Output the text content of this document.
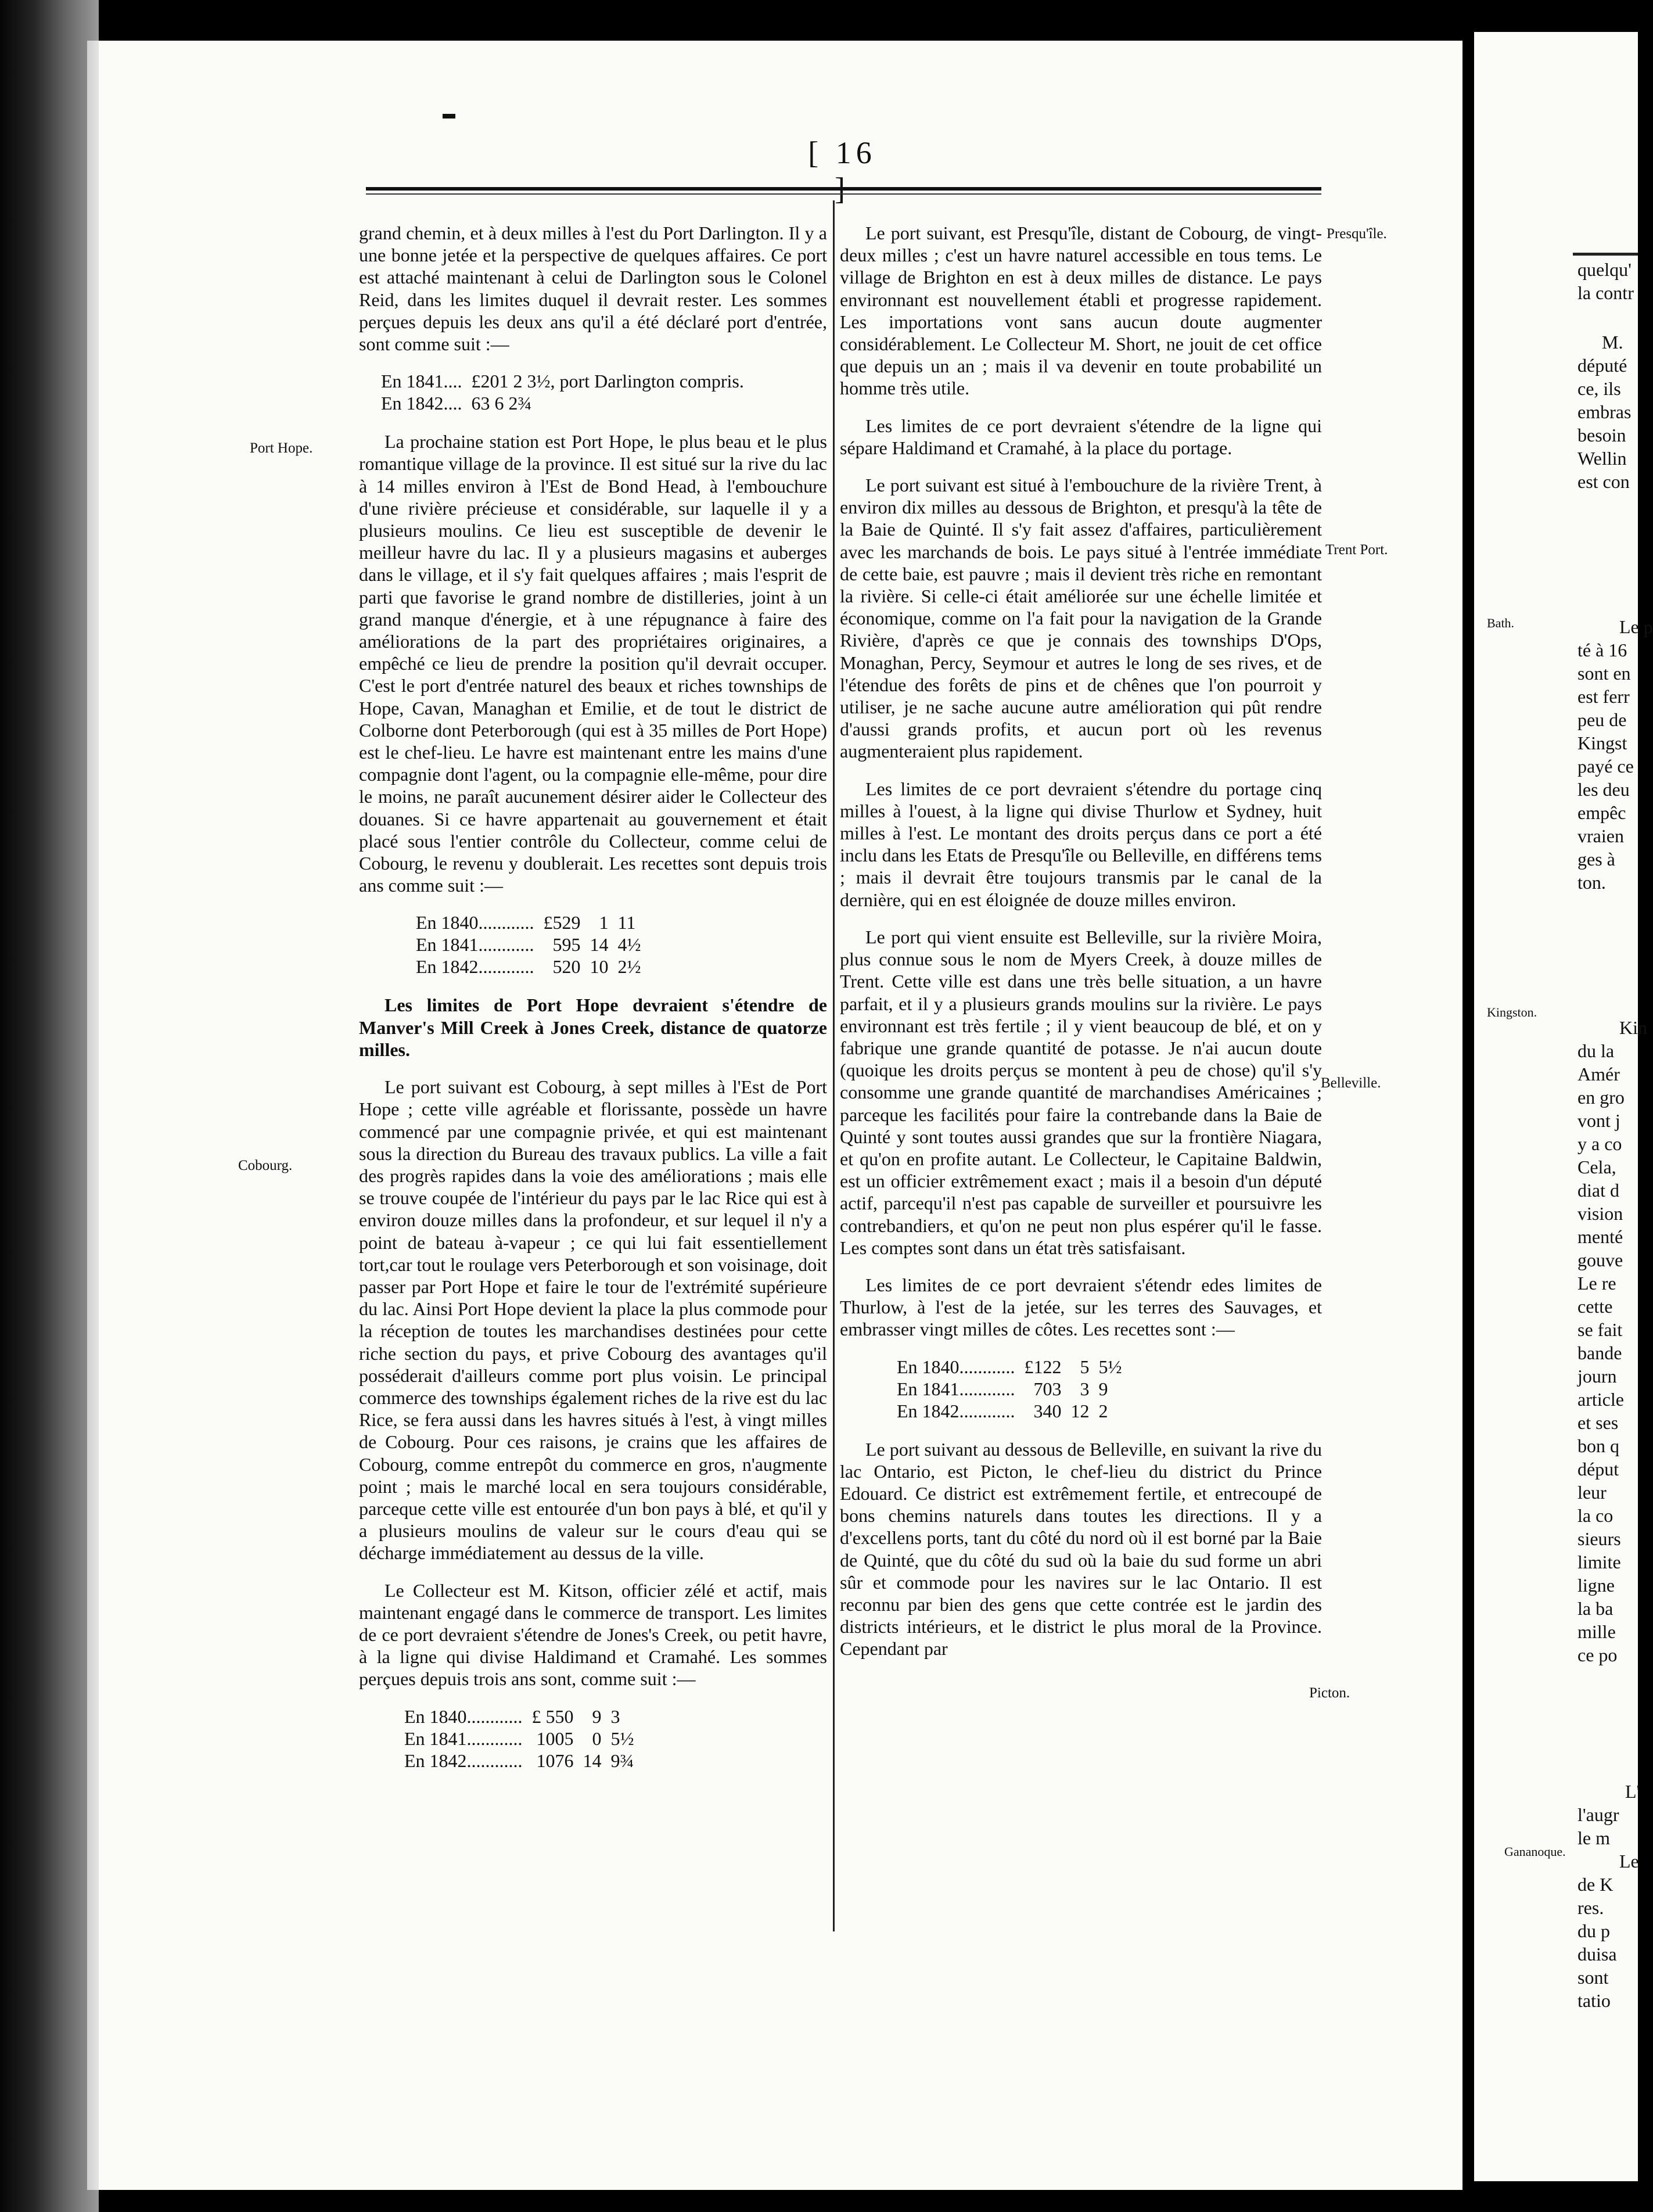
[ 16
Port Hope.
Cobourg.
Presqu'île.
Trent Port.
Belleville.
Picton.

grand chemin, et à deux milles à l'est du Port Darlington. Il y a une bonne jetée et la perspective de quelques affaires. Ce port est attaché maintenant à celui de Darlington sous le Colonel Reid, dans les limites duquel il devrait rester. Les sommes perçues depuis les deux ans qu'il a été déclaré port d'entrée, sont comme suit :—

En 1841....	£201 2 3½, port Darlington compris.
En 1842....	63 6 2¾

La prochaine station est Port Hope, le plus beau et le plus romantique village de la province. Il est situé sur la rive du lac à 14 milles environ à l'Est de Bond Head, à l'embouchure d'une rivière précieuse et considérable, sur laquelle il y a plusieurs moulins. Ce lieu est susceptible de devenir le meilleur havre du lac. Il y a plusieurs magasins et auberges dans le village, et il s'y fait quelques affaires ; mais l'esprit de parti que favorise le grand nombre de distilleries, joint à un grand manque d'énergie, et à une répugnance à faire des améliorations de la part des propriétaires originaires, a empêché ce lieu de prendre la position qu'il devrait occuper. C'est le port d'entrée naturel des beaux et riches townships de Hope, Cavan, Managhan et Emilie, et de tout le district de Colborne dont Peterborough (qui est à 35 milles de Port Hope) est le chef-lieu. Le havre est maintenant entre les mains d'une compagnie dont l'agent, ou la compagnie elle-même, pour dire le moins, ne paraît aucunement désirer aider le Collecteur des douanes. Si ce havre appartenait au gouvernement et était placé sous l'entier contrôle du Collecteur, comme celui de Cobourg, le revenu y doublerait. Les recettes sont depuis trois ans comme suit :—

En 1840............	£529	1	11
En 1841............	595	14	4½
En 1842............	520	10	2½

Les limites de Port Hope devraient s'étendre de Manver's Mill Creek à Jones Creek, distance de quatorze milles.

Le port suivant est Cobourg, à sept milles à l'Est de Port Hope ; cette ville agréable et florissante, possède un havre commencé par une compagnie privée, et qui est maintenant sous la direction du Bureau des travaux publics. La ville a fait des progrès rapides dans la voie des améliorations ; mais elle se trouve coupée de l'intérieur du pays par le lac Rice qui est à environ douze milles dans la profondeur, et sur lequel il n'y a point de bateau à-vapeur ; ce qui lui fait essentiellement tort,car tout le roulage vers Peterborough et son voisinage, doit passer par Port Hope et faire le tour de l'extrémité supérieure du lac. Ainsi Port Hope devient la place la plus commode pour la réception de toutes les marchandises destinées pour cette riche section du pays, et prive Cobourg des avantages qu'il posséderait d'ailleurs comme port plus voisin. Le principal commerce des townships également riches de la rive est du lac Rice, se fera aussi dans les havres situés à l'est, à vingt milles de Cobourg. Pour ces raisons, je crains que les affaires de Cobourg, comme entrepôt du commerce en gros, n'augmente point ; mais le marché local en sera toujours considérable, parceque cette ville est entourée d'un bon pays à blé, et qu'il y a plusieurs moulins de valeur sur le cours d'eau qui se décharge immédiatement au dessus de la ville.

Le Collecteur est M. Kitson, officier zélé et actif, mais maintenant engagé dans le commerce de transport. Les limites de ce port devraient s'étendre de Jones's Creek, ou petit havre, à la ligne qui divise Haldimand et Cramahé. Les sommes perçues depuis trois ans sont, comme suit :—

En 1840............	£ 550	9	3
En 1841............	1005	0	5½
En 1842............	1076	14	9¾

Le port suivant, est Presqu'île, distant de Cobourg, de vingt-deux milles ; c'est un havre naturel accessible en tous tems. Le village de Brighton en est à deux milles de distance. Le pays environnant est nouvellement établi et progresse rapidement. Les importations vont sans aucun doute augmenter considérablement. Le Collecteur M. Short, ne jouit de cet office que depuis un an ; mais il va devenir en toute probabilité un homme très utile.

Les limites de ce port devraient s'étendre de la ligne qui sépare Haldimand et Cramahé, à la place du portage.

Le port suivant est situé à l'embouchure de la rivière Trent, à environ dix milles au dessous de Brighton, et presqu'à la tête de la Baie de Quinté. Il s'y fait assez d'affaires, particulièrement avec les marchands de bois. Le pays situé à l'entrée immédiate de cette baie, est pauvre ; mais il devient très riche en remontant la rivière. Si celle-ci était améliorée sur une échelle limitée et économique, comme on l'a fait pour la navigation de la Grande Rivière, d'après ce que je connais des townships D'Ops, Monaghan, Percy, Seymour et autres le long de ses rives, et de l'étendue des forêts de pins et de chênes que l'on pourroit y utiliser, je ne sache aucune autre amélioration qui pût rendre d'aussi grands profits, et aucun port où les revenus augmenteraient plus rapidement.

Les limites de ce port devraient s'étendre du portage cinq milles à l'ouest, à la ligne qui divise Thurlow et Sydney, huit milles à l'est. Le montant des droits perçus dans ce port a été inclu dans les Etats de Presqu'île ou Belleville, en différens tems ; mais il devrait être toujours transmis par le canal de la dernière, qui en est éloignée de douze milles environ.

Le port qui vient ensuite est Belleville, sur la rivière Moira, plus connue sous le nom de Myers Creek, à douze milles de Trent. Cette ville est dans une très belle situation, a un havre parfait, et il y a plusieurs grands moulins sur la rivière. Le pays environnant est très fertile ; il y vient beaucoup de blé, et on y fabrique une grande quantité de potasse. Je n'ai aucun doute (quoique les droits perçus se montent à peu de chose) qu'il s'y consomme une grande quantité de marchandises Américaines ; parceque les facilités pour faire la contrebande dans la Baie de Quinté y sont toutes aussi grandes que sur la frontière Niagara, et qu'on en profite autant. Le Collecteur, le Capitaine Baldwin, est un officier extrêmement exact ; mais il a besoin d'un député actif, parcequ'il n'est pas capable de surveiller et poursuivre les contrebandiers, et qu'on ne peut non plus espérer qu'il le fasse. Les comptes sont dans un état très satisfaisant.

Les limites de ce port devraient s'étendr edes limites de Thurlow, à l'est de la jetée, sur les terres des Sauvages, et embrasser vingt milles de côtes. Les recettes sont :—

En 1840............	£122	5	5½
En 1841............	703	3	9
En 1842............	340	12	2

Le port suivant au dessous de Belleville, en suivant la rive du lac Ontario, est Picton, le chef-lieu du district du Prince Edouard. Ce district est extrêmement fertile, et entrecoupé de bons chemins naturels dans toutes les directions. Il y a d'excellens ports, tant du côté du nord où il est borné par la Baie de Quinté, que du côté du sud où la baie du sud forme un abri sûr et commode pour les navires sur le lac Ontario. Il est reconnu par bien des gens que cette contrée est le jardin des districts intérieurs, et le district le plus moral de la Province. Cependant par

Bath.
Kingston.
Gananoque.
quelqu'
la contr
M.
député
ce, ils
embras
besoin
Wellin
est con
Le p
té à 16
sont en
est ferr
peu de
Kingst
payé ce
les deu
empêc
vraien
ges à
ton.
Kin
du la
Amér
en gro
vont j
y a co
Cela,
diat d
vision
menté
gouve
Le re
cette
se fait
bande
journ
article
et ses
bon q
déput
leur
la co
sieurs
limite
ligne
la ba
mille
ce po
L'
l'augr
le m
Le
de K
res.
du p
duisa
sont
tatio
